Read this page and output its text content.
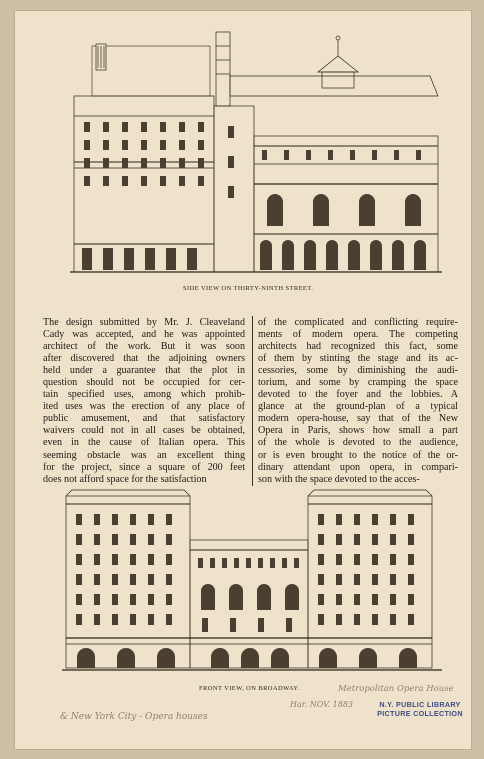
SIDE VIEW ON THIRTY-NINTH STREET.
The design submitted by Mr. J. Cleaveland
Cady was accepted, and he was appointed
architect of the work. But it was soon
after discovered that the adjoining owners
held under a guarantee that the plot in
question should not be occupied for cer-
tain specified uses, among which prohib-
ited uses was the erection of any place of
public amusement, and that satisfactory
waivers could not in all cases be obtained,
even in the cause of Italian opera. This
seeming obstacle was an excellent thing
for the project, since a square of 200 feet
does not afford space for the satisfaction
of the complicated and conflicting require-
ments of modern opera. The competing
architects had recognized this fact, some
of them by stinting the stage and its ac-
cessories, some by diminishing the audi-
torium, and some by cramping the space
devoted to the foyer and the lobbies. A
glance at the ground-plan of a typical
modern opera-house, say that of the New
Opera in Paris, shows how small a part
of the whole is devoted to the audience,
or is even brought to the notice of the or-
dinary attendant upon opera, in compari-
son with the space devoted to the acces-
FRONT VIEW, ON BROADWAY.
& New York City - Opera houses
Har. NOV. 1883
Metropolitan Opera House
N.Y. PUBLIC LIBRARY
PICTURE COLLECTION
